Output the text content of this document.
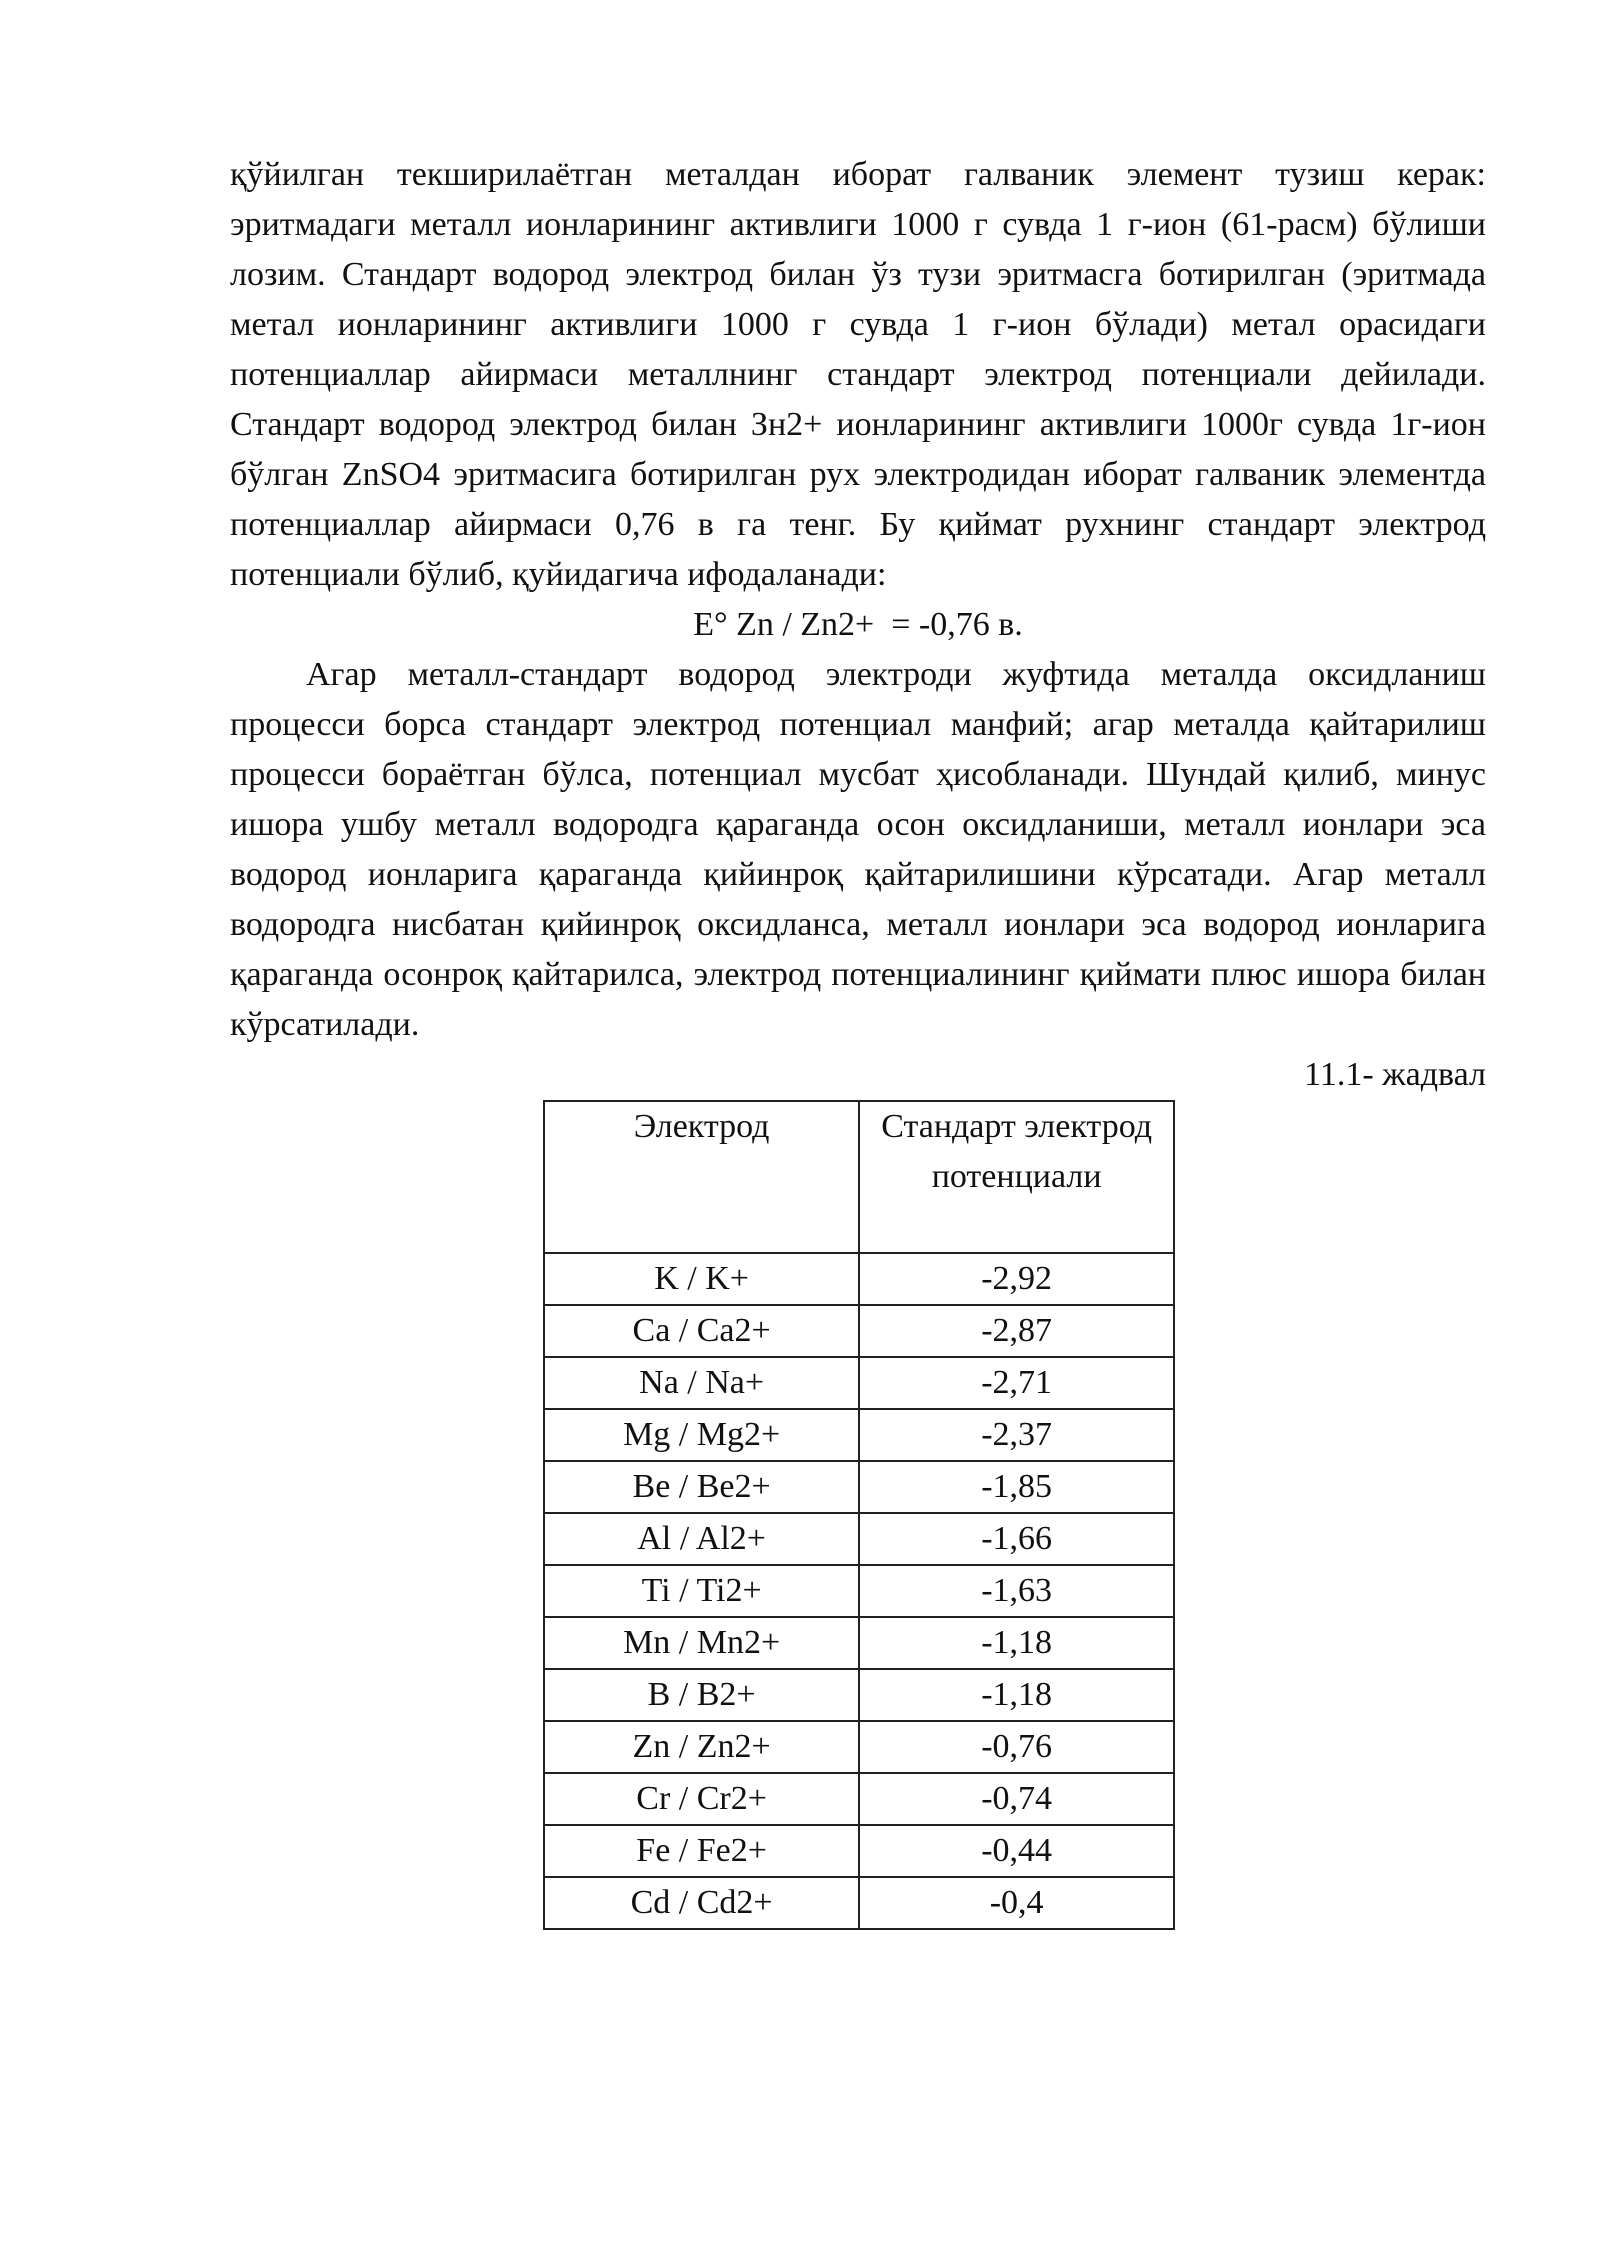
қўйилган текширилаётган металдан иборат галваник элемент тузиш керак: эритмадаги металл ионларининг активлиги 1000 г сувда 1 г-ион (61-расм) бўлиши лозим. Стандарт водород электрод билан ўз тузи эритмасга ботирилган (эритмада метал ионларининг активлиги 1000 г сувда 1 г-ион бўлади) метал орасидаги потенциаллар айирмаси металлнинг стандарт электрод потенциали дейилади. Стандарт водород электрод билан Зн2+ ионларининг активлиги 1000г сувда 1г-ион бўлган ZnSO4 эритмасига ботирилган рух электродидан иборат галваник элементда потенциаллар айирмаси 0,76 в га тенг. Бу қиймат рухнинг стандарт электрод потенциали бўлиб, қуйидагича ифодаланади:

E° Zn / Zn2+  = -0,76 в.

Агар металл-стандарт водород электроди жуфтида металда оксидланиш процесси борса стандарт электрод потенциал манфий; агар металда қайтарилиш процесси бораётган бўлса, потенциал мусбат ҳисобланади. Шундай қилиб, минус ишора ушбу металл водородга қараганда осон оксидланиши, металл ионлари эса водород ионларига қараганда қийинроқ қайтарилишини кўрсатади. Агар металл водородга нисбатан қийинроқ оксидланса, металл ионлари эса водород ионларига қараганда осонроқ қайтарилса, электрод потенциалининг қиймати плюс ишора билан кўрсатилади.

11.1- жадвал

Электрод	Стандарт электрод потенциали
K / K+	-2,92
Ca / Ca2+	-2,87
Na / Na+	-2,71
Mg / Mg2+	-2,37
Be / Be2+	-1,85
Al / Al2+	-1,66
Ti / Ti2+	-1,63
Mn / Mn2+	-1,18
B / B2+	-1,18
Zn / Zn2+	-0,76
Cr / Cr2+	-0,74
Fe / Fe2+	-0,44
Cd / Cd2+	-0,4
